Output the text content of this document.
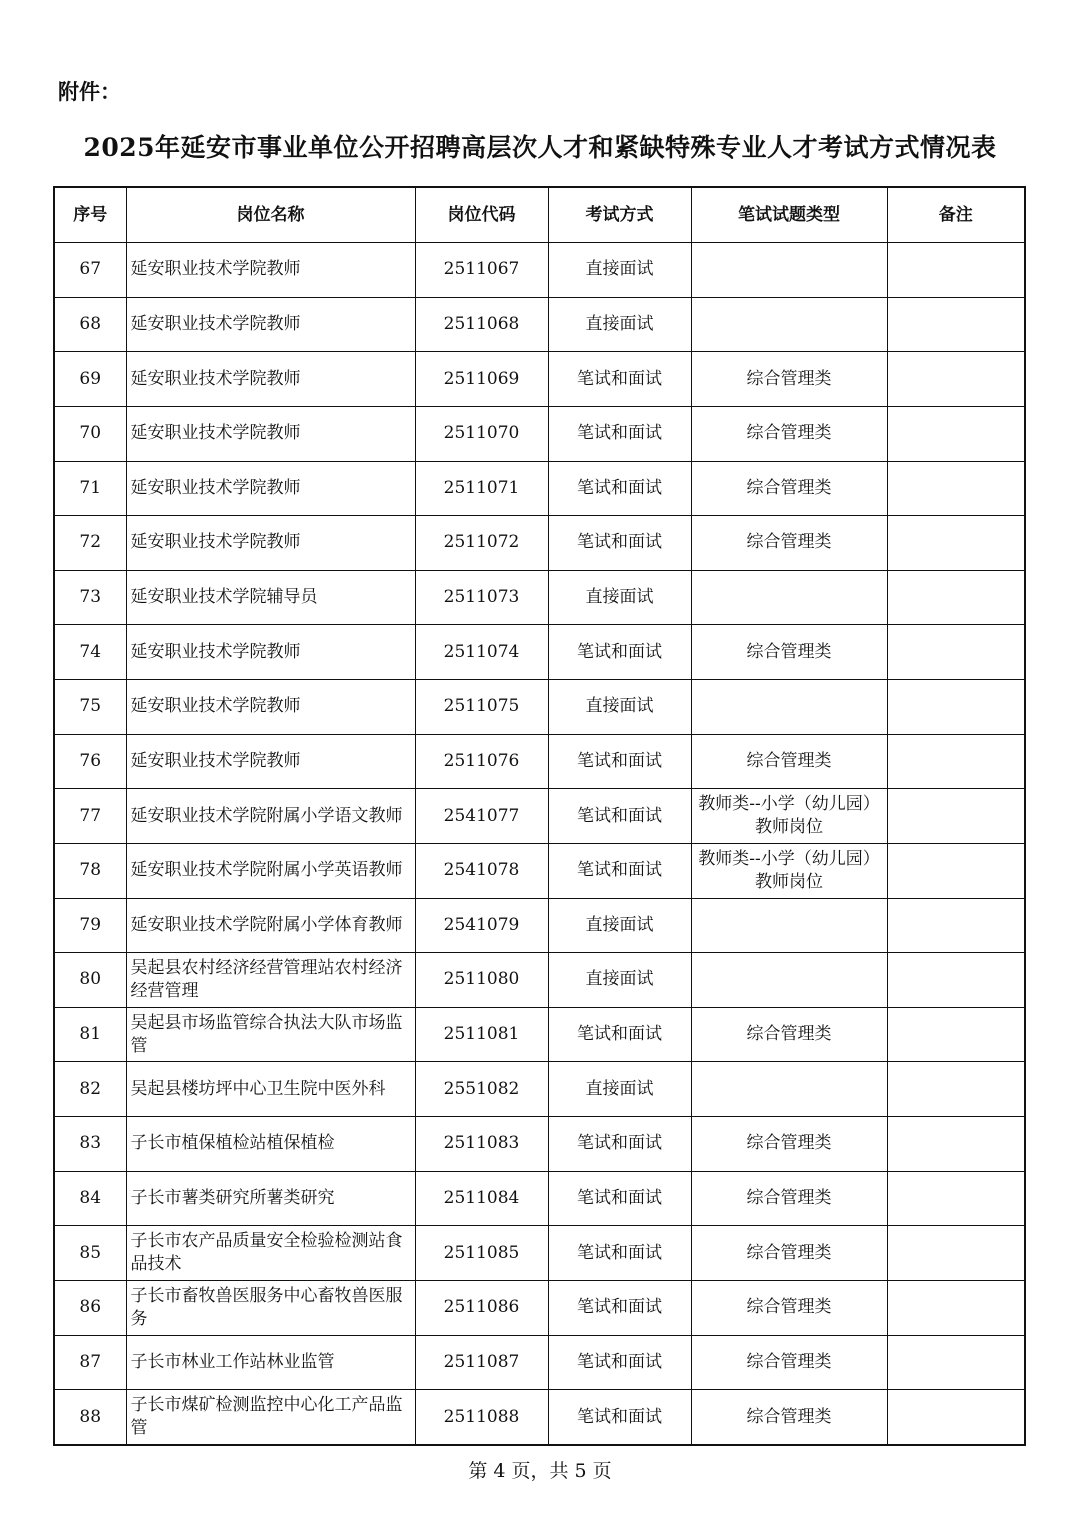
附件：
2025年延安市事业单位公开招聘高层次人才和紧缺特殊专业人才考试方式情况表
序号	岗位名称	岗位代码	考试方式	笔试试题类型	备注
67	延安职业技术学院教师	2511067	直接面试		
68	延安职业技术学院教师	2511068	直接面试		
69	延安职业技术学院教师	2511069	笔试和面试	综合管理类	
70	延安职业技术学院教师	2511070	笔试和面试	综合管理类	
71	延安职业技术学院教师	2511071	笔试和面试	综合管理类	
72	延安职业技术学院教师	2511072	笔试和面试	综合管理类	
73	延安职业技术学院辅导员	2511073	直接面试		
74	延安职业技术学院教师	2511074	笔试和面试	综合管理类	
75	延安职业技术学院教师	2511075	直接面试		
76	延安职业技术学院教师	2511076	笔试和面试	综合管理类	
77	延安职业技术学院附属小学语文教师	2541077	笔试和面试	教师类--小学（幼儿园）教师岗位	
78	延安职业技术学院附属小学英语教师	2541078	笔试和面试	教师类--小学（幼儿园）教师岗位	
79	延安职业技术学院附属小学体育教师	2541079	直接面试		
80	吴起县农村经济经营管理站农村经济经营管理	2511080	直接面试		
81	吴起县市场监管综合执法大队市场监管	2511081	笔试和面试	综合管理类	
82	吴起县楼坊坪中心卫生院中医外科	2551082	直接面试		
83	子长市植保植检站植保植检	2511083	笔试和面试	综合管理类	
84	子长市薯类研究所薯类研究	2511084	笔试和面试	综合管理类	
85	子长市农产品质量安全检验检测站食品技术	2511085	笔试和面试	综合管理类	
86	子长市畜牧兽医服务中心畜牧兽医服务	2511086	笔试和面试	综合管理类	
87	子长市林业工作站林业监管	2511087	笔试和面试	综合管理类	
88	子长市煤矿检测监控中心化工产品监管	2511088	笔试和面试	综合管理类	
第 4 页，共 5 页
